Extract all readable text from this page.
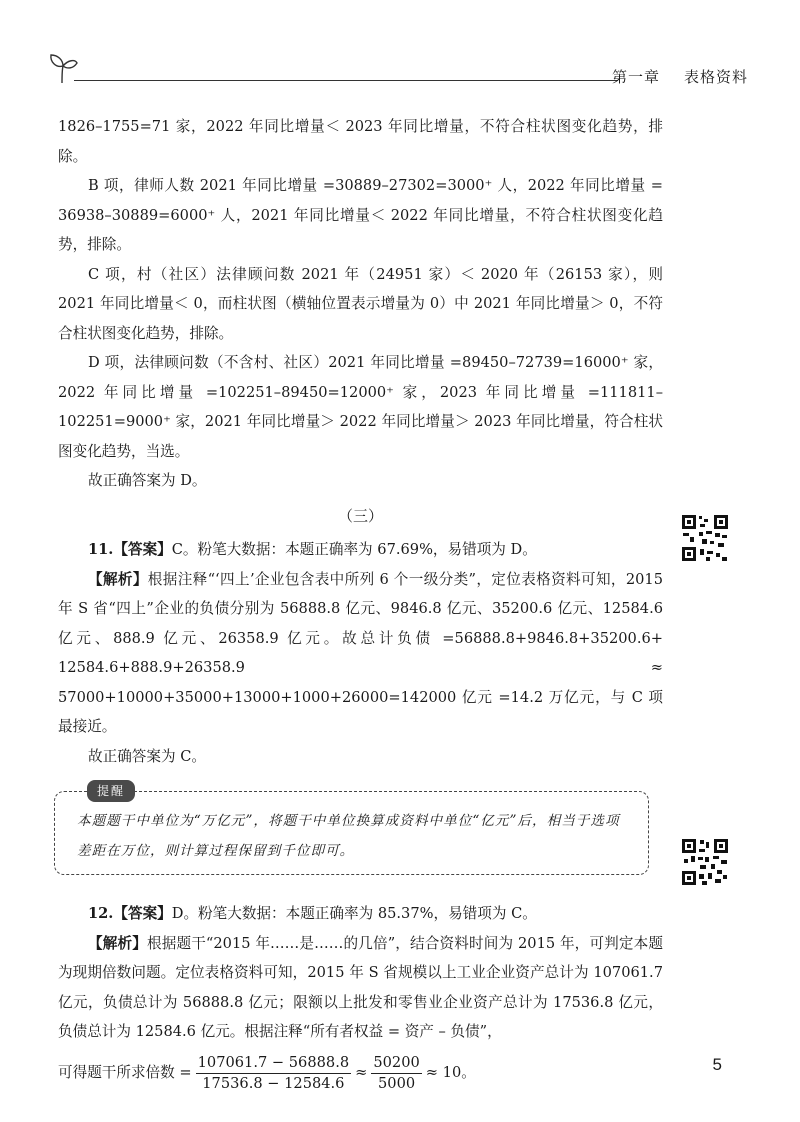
第一章 表格资料

1826–1755=71 家，2022 年同比增量＜ 2023 年同比增量，不符合柱状图变化趋势，排除。

B 项，律师人数 2021 年同比增量 =30889–27302=3000⁺ 人，2022 年同比增量 = 36938–30889=6000⁺ 人，2021 年同比增量＜ 2022 年同比增量，不符合柱状图变化趋势，排除。

C 项，村（社区）法律顾问数 2021 年（24951 家）＜ 2020 年（26153 家），则 2021 年同比增量＜ 0，而柱状图（横轴位置表示增量为 0）中 2021 年同比增量＞ 0，不符合柱状图变化趋势，排除。

D 项，法律顾问数（不含村、社区）2021 年同比增量 =89450–72739=16000⁺ 家，2022 年同比增量 =102251–89450=12000⁺ 家，2023 年同比增量 =111811–102251=9000⁺ 家，2021 年同比增量＞ 2022 年同比增量＞ 2023 年同比增量，符合柱状图变化趋势，当选。

故正确答案为 D。

（三）

11.【答案】C。粉笔大数据：本题正确率为 67.69%，易错项为 D。

【解析】根据注释“‘四上’企业包含表中所列 6 个一级分类”，定位表格资料可知，2015 年 S 省“四上”企业的负债分别为 56888.8 亿元、9846.8 亿元、35200.6 亿元、12584.6 亿元、888.9 亿元、26358.9 亿元。故总计负债 =56888.8+9846.8+35200.6+ 12584.6+888.9+26358.9 ≈ 57000+10000+35000+13000+1000+26000=142000 亿元 =14.2 万亿元，与 C 项最接近。

故正确答案为 C。

提醒
本题题干中单位为“万亿元”，将题干中单位换算成资料中单位“亿元”后，相当于选项差距在万位，则计算过程保留到千位即可。

12.【答案】D。粉笔大数据：本题正确率为 85.37%，易错项为 C。

【解析】根据题干“2015 年……是……的几倍”，结合资料时间为 2015 年，可判定本题为现期倍数问题。定位表格资料可知，2015 年 S 省规模以上工业企业资产总计为 107061.7 亿元，负债总计为 56888.8 亿元；限额以上批发和零售业企业资产总计为 17536.8 亿元，负债总计为 12584.6 亿元。根据注释“所有者权益 = 资产 – 负债”，

可得题干所求倍数 = $\frac{107061.7 - 56888.8}{17536.8 - 12584.6} \approx \frac{50200}{5000} \approx 10$。	5
